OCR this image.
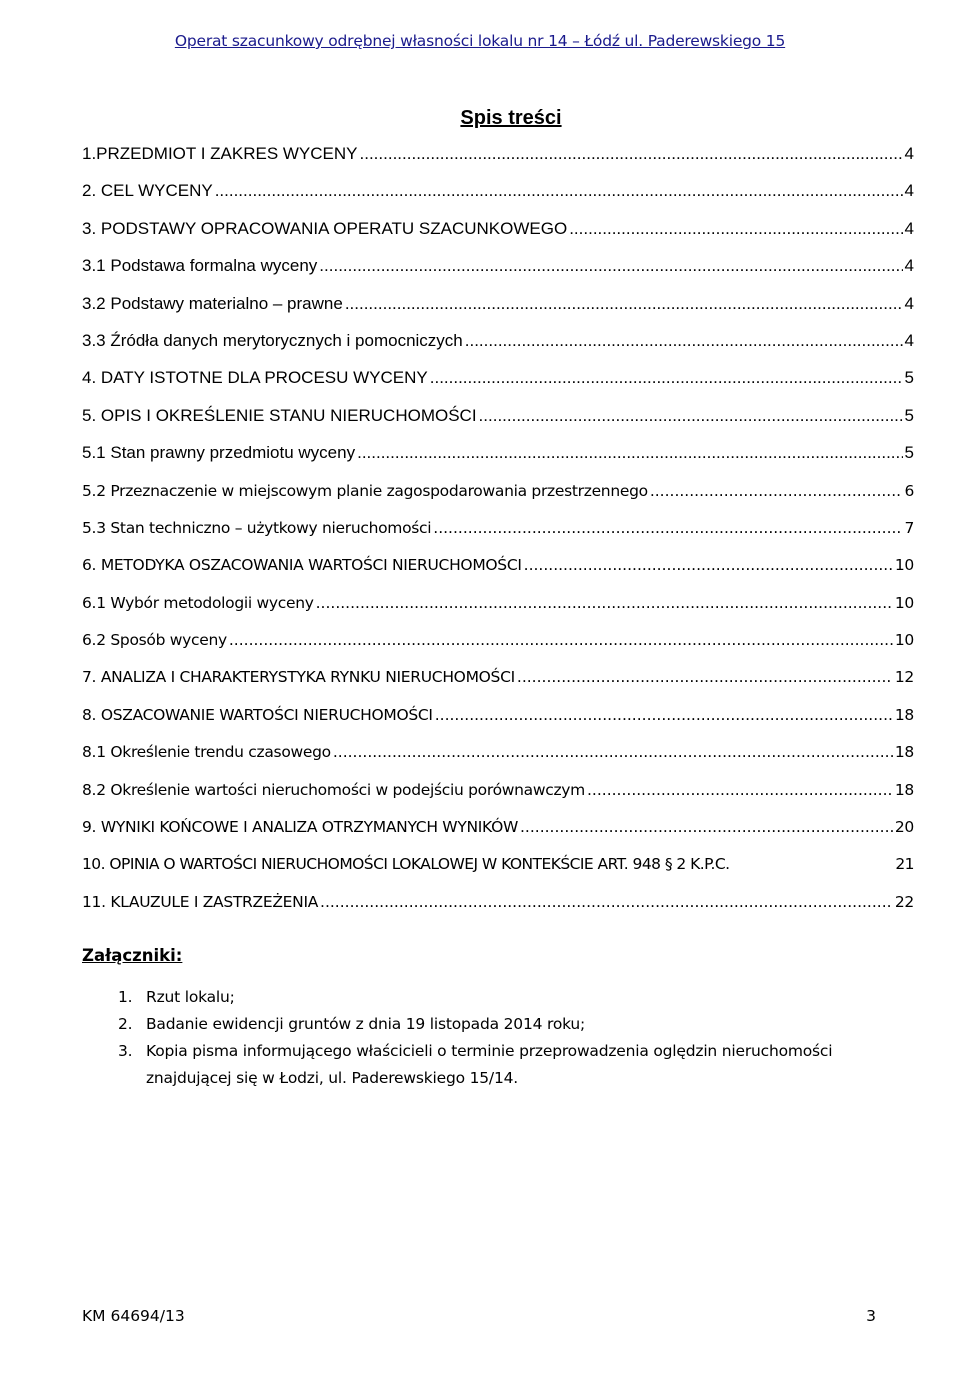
Operat szacunkowy odrębnej własności lokalu nr 14 – Łódź ul. Paderewskiego 15
Spis treści
1.PRZEDMIOT I ZAKRES WYCENY .....	4
2. CEL WYCENY .....	4
3. PODSTAWY OPRACOWANIA OPERATU SZACUNKOWEGO .....	4
3.1 Podstawa formalna wyceny .....	4
3.2 Podstawy materialno – prawne .....	4
3.3 Źródła danych merytorycznych i pomocniczych .....	4
4. DATY ISTOTNE DLA PROCESU WYCENY .....	5
5. OPIS I OKREŚLENIE STANU NIERUCHOMOŚCI .....	5
5.1 Stan prawny przedmiotu wyceny .....	5
5.2 Przeznaczenie w miejscowym planie zagospodarowania przestrzennego .....	6
5.3 Stan techniczno – użytkowy nieruchomości .....	7
6. METODYKA OSZACOWANIA WARTOŚCI NIERUCHOMOŚCI .....	10
6.1 Wybór metodologii wyceny .....	10
6.2 Sposób wyceny .....	10
7. ANALIZA I CHARAKTERYSTYKA RYNKU NIERUCHOMOŚCI .....	12
8. OSZACOWANIE WARTOŚCI NIERUCHOMOŚCI .....	18
8.1 Określenie trendu czasowego .....	18
8.2 Określenie wartości nieruchomości w podejściu porównawczym .....	18
9. WYNIKI KOŃCOWE I ANALIZA OTRZYMANYCH WYNIKÓW .....	20
10. OPINIA O WARTOŚCI NIERUCHOMOŚCI LOKALOWEJ W KONTEKŚCIE ART. 948 § 2 K.P.C.	21
11. KLAUZULE I ZASTRZEŻENIA .....	22
Załączniki:
1. Rzut lokalu;
2. Badanie ewidencji gruntów z dnia 19 listopada 2014 roku;
3. Kopia pisma informującego właścicieli o terminie przeprowadzenia oględzin nieruchomości znajdującej się w Łodzi, ul. Paderewskiego 15/14.
KM 64694/13	3
